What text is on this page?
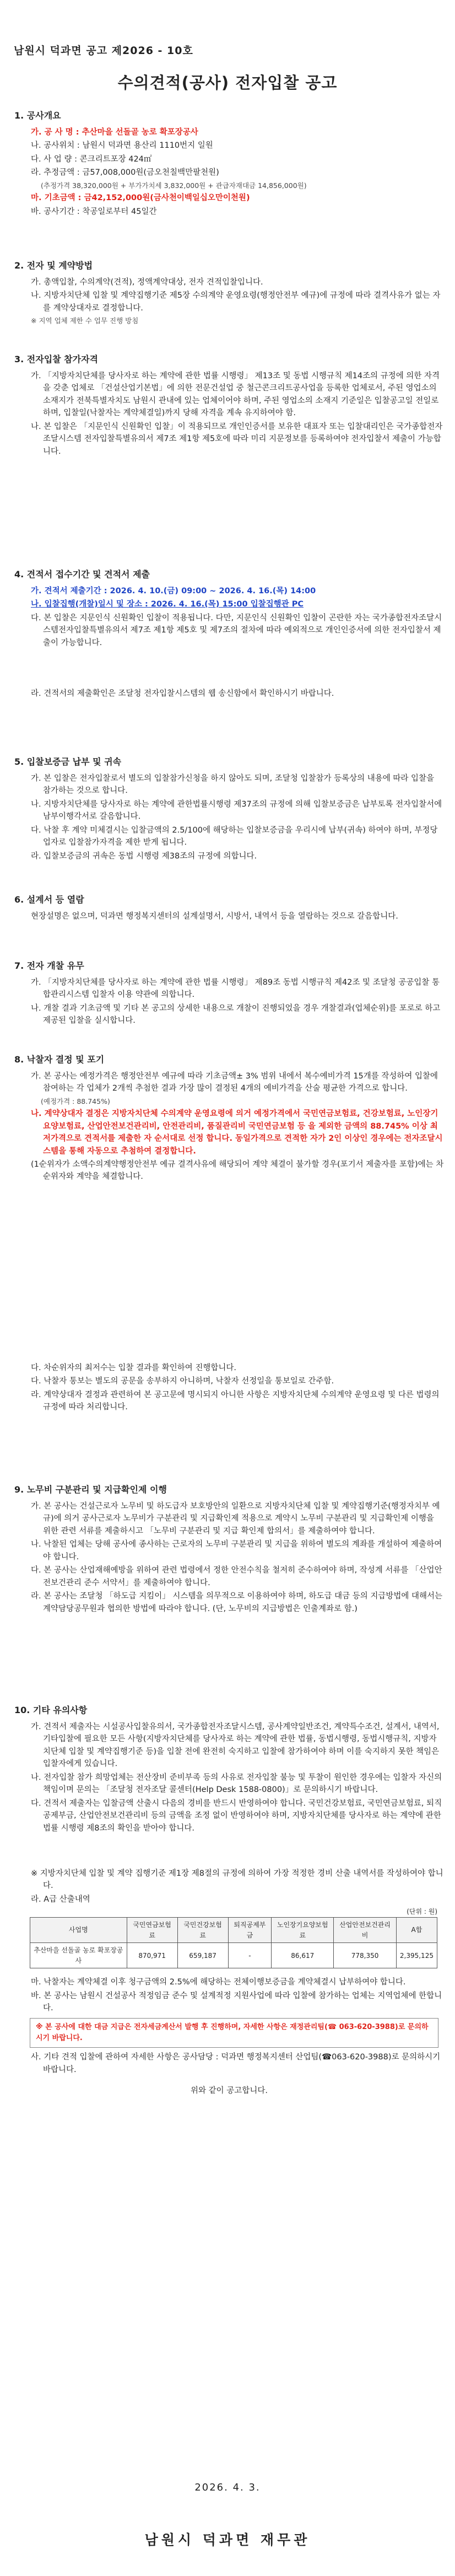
남원시 덕과면 공고 제2026 - 10호
수의견적(공사) 전자입찰 공고
1. 공사개요

가. 공 사 명 : 추산마을 선돌골 농로 확포장공사

나. 공사위치 : 남원시 덕과면 용산리 1110번지 일원

다. 사 업 량 : 콘크리트포장 424㎡

라. 추정금액 : 금57,008,000원(금오천칠백만팔천원)

(추정가격 38,320,000원 + 부가가치세 3,832,000원 + 관급자재대금 14,856,000원)

마. 기초금액 : 금42,152,000원(금사천이백일십오만이천원)

바. 공사기간 : 착공일로부터 45일간

2. 전자 및 계약방법

가. 총액입찰, 수의계약(견적), 정액계약대상, 전자 견적입찰입니다.

나. 지방자치단체 입찰 및 계약집행기준 제5장 수의계약 운영요령(행정안전부 예규)에 규정에 따라 결격사유가 없는 자를 계약상대자로 결정합니다.

※ 지역 업체 제한 수 업무 진행 방침

3. 전자입찰 참가자격

가. 「지방자치단체를 당사자로 하는 계약에 관한 법률 시행령」 제13조 및 동법 시행규칙 제14조의 규정에 의한 자격을 갖춘 업체로 「건설산업기본법」에 의한 전문건설업 중 철근콘크리트공사업을 등록한 업체로서, 주된 영업소의 소재지가 전북특별자치도 남원시 관내에 있는 업체이어야 하며, 주된 영업소의 소재지 기준일은 입찰공고일 전일로 하며, 입찰일(낙찰자는 계약체결일)까지 당해 자격을 계속 유지하여야 함.

나. 본 입찰은 「지문인식 신원확인 입찰」이 적용되므로 개인인증서를 보유한 대표자 또는 입찰대리인은 국가종합전자조달시스템 전자입찰특별유의서 제7조 제1항 제5호에 따라 미리 지문정보를 등록하여야 전자입찰서 제출이 가능합니다.

4. 견적서 접수기간 및 견적서 제출

가. 견적서 제출기간 : 2026. 4. 10.(금) 09:00 ~ 2026. 4. 16.(목) 14:00

나. 입찰집행(개찰)일시 및 장소 : 2026. 4. 16.(목) 15:00 입찰집행관 PC

다. 본 입찰은 지문인식 신원확인 입찰이 적용됩니다. 다만, 지문인식 신원확인 입찰이 곤란한 자는 국가종합전자조달시스템전자입찰특별유의서 제7조 제1항 제5호 및 제7조의 절차에 따라 예외적으로 개인인증서에 의한 전자입찰서 제출이 가능합니다.

라. 견적서의 제출확인은 조달청 전자입찰시스템의 웹 송신함에서 확인하시기 바랍니다.

5. 입찰보증금 납부 및 귀속

가. 본 입찰은 전자입찰로서 별도의 입찰참가신청을 하지 않아도 되며, 조달청 입찰참가 등록상의 내용에 따라 입찰을 참가하는 것으로 합니다.

나. 지방자치단체를 당사자로 하는 계약에 관한법률시행령 제37조의 규정에 의해 입찰보증금은 납부토록 전자입찰서에 남부이행각서로 갈음합니다.

다. 낙찰 후 계약 미체결시는 입찰금액의 2.5/100에 해당하는 입찰보증금을 우리시에 납부(귀속) 하여야 하며, 부정당업자로 입찰참가자격을 제한 받게 됩니다.

라. 입찰보증금의 귀속은 동법 시행령 제38조의 규정에 의합니다.

6. 설계서 등 열람

현장설명은 없으며, 덕과면 행정복지센터의 설계설명서, 시방서, 내역서 등을 열람하는 것으로 갈음합니다.

7. 전자 개찰 유무

가. 「지방자치단체를 당사자로 하는 계약에 관한 법률 시행령」 제89조 동법 시행규칙 제42조 및 조달청 공공입찰 통합관리시스템 입찰자 이용 약관에 의합니다.

나. 개찰 결과 기초금액 및 기타 본 공고의 상세한 내용으로 개찰이 진행되었을 경우 개찰결과(업체순위)를 포로로 하고 제공된 입찰을 실시합니다.

8. 낙찰자 결정 및 포기

가. 본 공사는 예정가격은 행정안전부 예규에 따라 기초금액± 3% 범위 내에서 복수예비가격 15개를 작성하여 입찰에 참여하는 각 업체가 2개씩 추첨한 결과 가장 많이 결정된 4개의 예비가격을 산술 평균한 가격으로 합니다.

(예정가격 : 88.745%)

나. 계약상대자 결정은 지방자치단체 수의계약 운영요령에 의거 예정가격에서 국민연금보험료, 건강보험료, 노인장기요양보험료, 산업안전보건관리비, 안전관리비, 품질관리비 국민연금보험 등 을 제외한 금액의 88.745% 이상 최저가격으로 견적서를 제출한 자 순서대로 선정 합니다. 동일가격으로 견적한 자가 2인 이상인 경우에는 전자조달시스템을 통해 자동으로 추첨하여 결정합니다.

(1순위자가 소액수의계약행정안전부 예규 결격사유에 해당되어 계약 체결이 불가할 경우(포기서 제출자를 포함)에는 차순위자와 계약을 체결합니다.

다. 차순위자의 최저수는 입찰 결과를 확인하여 진행합니다.

다. 낙찰자 통보는 별도의 공문을 송부하지 아니하며, 낙찰자 선정일을 통보일로 간주함.

라. 계약상대자 결정과 관련하여 본 공고문에 명시되지 아니한 사항은 지방자치단체 수의계약 운영요령 및 다른 법령의 규정에 따라 처리합니다.

9. 노무비 구분관리 및 지급확인제 이행

가. 본 공사는 건설근로자 노무비 및 하도급자 보호방안의 일환으로 지방자치단체 입찰 및 계약집행기준(행정자치부 예규)에 의거 공사근로자 노무비가 구분관리 및 지급확인제 적용으로 계약시 노무비 구분관리 및 지급확인제 이행을 위한 관련 서류를 제출하시고 「노무비 구분관리 및 지급 확인제 합의서」를 제출하여야 합니다.

나. 낙찰된 업체는 당해 공사에 종사하는 근로자의 노무비 구분관리 및 지급을 위하여 별도의 계좌를 개설하여 제출하여야 합니다.

다. 본 공사는 산업재해예방을 위하여 관련 법령에서 정한 안전수칙을 철저히 준수하여야 하며, 작성계 서류를 「산업안전보건관리 준수 서약서」를 제출하여야 합니다.

라. 본 공사는 조달청 「하도급 지킴이」 시스템을 의무적으로 이용하여야 하며, 하도급 대금 등의 지급방법에 대해서는 계약담당공무원과 협의한 방법에 따라야 합니다. (단, 노무비의 지급방법은 인출계좌로 함.)

10. 기타 유의사항

가. 견적서 제출자는 시설공사입찰유의서, 국가종합전자조달시스템, 공사계약일반조건, 계약특수조건, 설계서, 내역서, 기타입찰에 필요한 모든 사항(지방자치단체를 당사자로 하는 계약에 관한 법률, 동법시행령, 동법시행규칙, 지방자치단체 입찰 및 계약집행기준 등)을 입찰 전에 완전히 숙지하고 입찰에 참가하여야 하며 이를 숙지하지 못한 책임은 입찰자에게 있습니다.

나. 전자입찰 참가 희망업체는 전산장비 준비부족 등의 사유로 전자입찰 불능 및 투찰이 원인한 경우에는 입찰자 자신의 책임이며 문의는 「조달청 전자조달 콜센터(Help Desk 1588-0800)」로 문의하시기 바랍니다.

다. 견적서 제출자는 입찰금액 산출시 다음의 경비를 반드시 반영하여야 합니다. 국민건강보험료, 국민연금보험료, 퇴직공제부금, 산업안전보건관리비 등의 금액을 조정 없이 반영하여야 하며, 지방자치단체를 당사자로 하는 계약에 관한 법률 시행령 제8조의 확인을 받아야 합니다.

※ 지방자치단체 입찰 및 계약 집행기준 제1장 제8절의 규정에 의하여 가장 적정한 경비 산출 내역서를 작성하여야 합니다.

라. A급 산출내역

(단위 : 원)
사업명	국민연금보험료	국민건강보험료	퇴직공제부금	노인장기요양보험료	산업안전보건관리비	A합
추산마을 선돌골 농로 확포장공사	870,971	659,187	-	86,617	778,350	2,395,125

마. 낙찰자는 계약체결 이후 청구금액의 2.5%에 해당하는 전체이행보증금을 계약체결시 납부하여야 합니다.

바. 본 공사는 남원시 건설공사 적정임금 준수 및 설계적정 지원사업에 따라 입찰에 참가하는 업체는 지역업체에 한합니다.

※ 본 공사에 대한 대금 지급은 전자세금계산서 발행 후 진행하며, 자세한 사항은 재정관리팀(☎ 063-620-3988)로 문의하시기 바랍니다.

사. 기타 견적 입찰에 관하여 자세한 사항은 공사담당 : 덕과면 행정복지센터 산업팀(☎063-620-3988)로 문의하시기 바랍니다.

위와 같이 공고합니다.

2026. 4. 3.
남원시 덕과면 재무관
